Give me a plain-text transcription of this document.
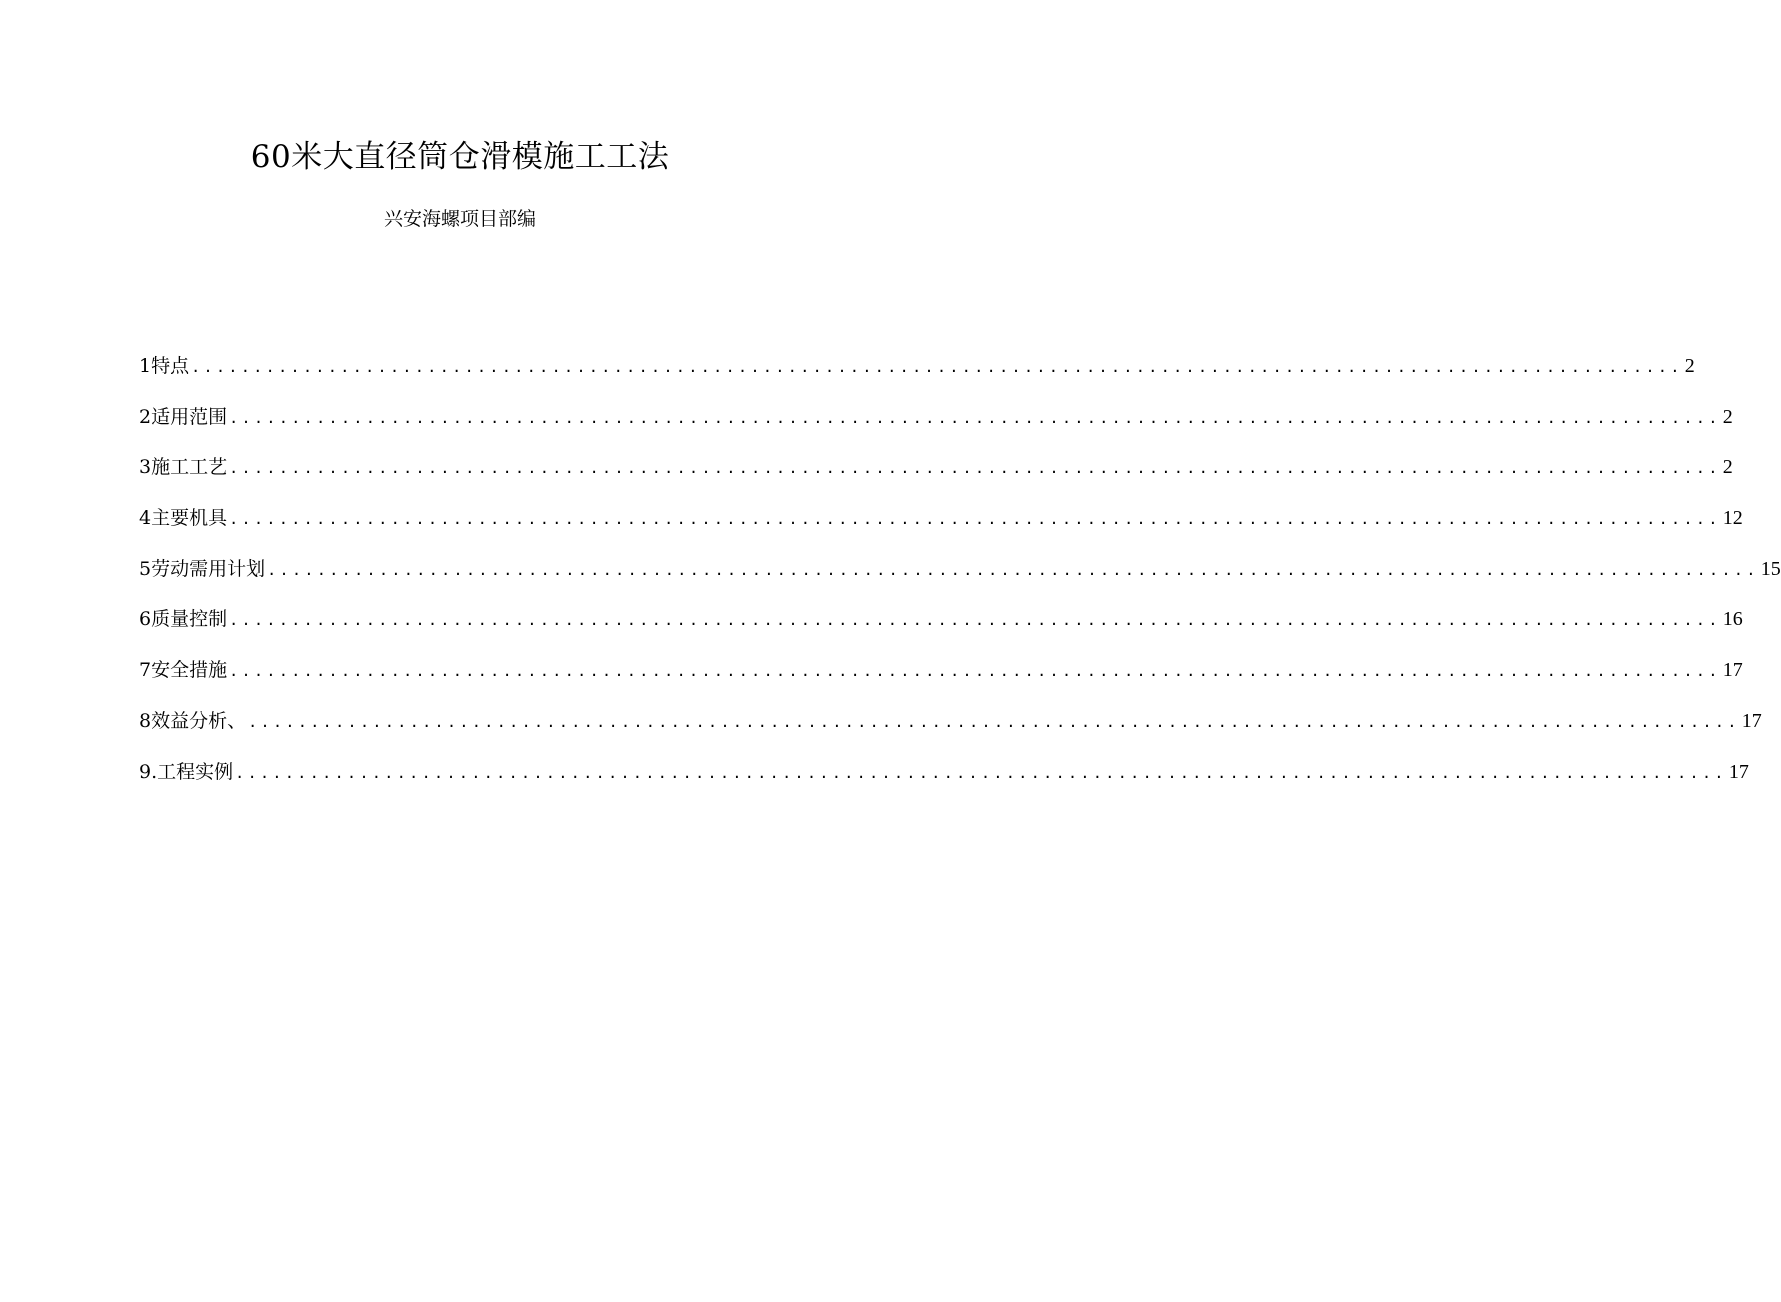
60米大直径筒仓滑模施工工法
兴安海螺项目部编
1特点 ........................................................................................................................ 2
2适用范围 ........................................................................................................................ 2
3施工工艺 ........................................................................................................................ 2
4主要机具 ........................................................................................................................ 12
5劳动需用计划 ........................................................................................................................ 15
6质量控制 ........................................................................................................................ 16
7安全措施 ........................................................................................................................ 17
8效益分析、 ........................................................................................................................ 17
9.工程实例 ........................................................................................................................ 17
